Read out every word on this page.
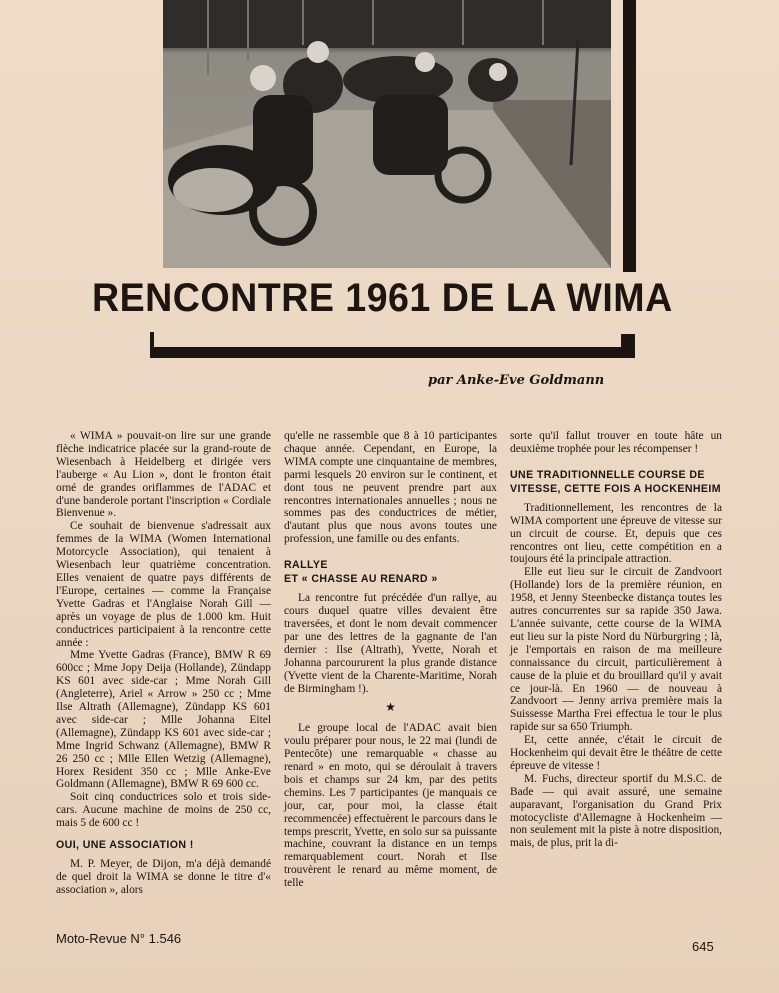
RENCONTRE 1961 DE LA WIMA
par Anke-Eve Goldmann

« WIMA » pouvait-on lire sur une grande flèche indicatrice placée sur la grand-route de Wiesenbach à Heidelberg et dirigée vers l'auberge « Au Lion », dont le fronton était orné de grandes oriflammes de l'ADAC et d'une banderole portant l'inscription « Cordiale Bienvenue ».

Ce souhait de bienvenue s'adressait aux femmes de la WIMA (Women International Motorcycle Association), qui tenaient à Wiesenbach leur quatrième concentration. Elles venaient de quatre pays différents de l'Europe, certaines — comme la Française Yvette Gadras et l'Anglaise Norah Gill — après un voyage de plus de 1.000 km. Huit conductrices participaient à la rencontre cette année :

Mme Yvette Gadras (France), BMW R 69 600cc ; Mme Jopy Deija (Hollande), Zündapp KS 601 avec side-car ; Mme Norah Gill (Angleterre), Ariel « Arrow » 250 cc ; Mme Ilse Altrath (Allemagne), Zündapp KS 601 avec side-car ; Mlle Johanna Eitel (Allemagne), Zündapp KS 601 avec side-car ; Mme Ingrid Schwanz (Allemagne), BMW R 26 250 cc ; Mlle Ellen Wetzig (Allemagne), Horex Resident 350 cc ; Mlle Anke-Eve Goldmann (Allemagne), BMW R 69 600 cc.

Soit cinq conductrices solo et trois side-cars. Aucune machine de moins de 250 cc, mais 5 de 600 cc !

OUI, UNE ASSOCIATION !

M. P. Meyer, de Dijon, m'a déjà demandé de quel droit la WIMA se donne le titre d'« association », alors

qu'elle ne rassemble que 8 à 10 participantes chaque année. Cependant, en Europe, la WIMA compte une cinquantaine de membres, parmi lesquels 20 environ sur le continent, et dont tous ne peuvent prendre part aux rencontres internationales annuelles ; nous ne sommes pas des conductrices de métier, d'autant plus que nous avons toutes une profession, une famille ou des enfants.

RALLYE
ET « CHASSE AU RENARD »

La rencontre fut précédée d'un rallye, au cours duquel quatre villes devaient être traversées, et dont le nom devait commencer par une des lettres de la gagnante de l'an dernier : Ilse (Altrath), Yvette, Norah et Johanna parcoururent la plus grande distance (Yvette vient de la Charente-Maritime, Norah de Birmingham !).

★

Le groupe local de l'ADAC avait bien voulu préparer pour nous, le 22 mai (lundi de Pentecôte) une remarquable « chasse au renard » en moto, qui se déroulait à travers bois et champs sur 24 km, par des petits chemins. Les 7 participantes (je manquais ce jour, car, pour moi, la classe était recommencée) effectuèrent le parcours dans le temps prescrit, Yvette, en solo sur sa puissante machine, couvrant la distance en un temps remarquablement court. Norah et Ilse trouvèrent le renard au même moment, de telle

sorte qu'il fallut trouver en toute hâte un deuxième trophée pour les récompenser !

UNE TRADITIONNELLE COURSE DE VITESSE, CETTE FOIS A HOCKENHEIM

Traditionnellement, les rencontres de la WIMA comportent une épreuve de vitesse sur un circuit de course. Et, depuis que ces rencontres ont lieu, cette compétition en a toujours été la principale attraction.

Elle eut lieu sur le circuit de Zandvoort (Hollande) lors de la première réunion, en 1958, et Jenny Steenbecke distança toutes les autres concurrentes sur sa rapide 350 Jawa. L'année suivante, cette course de la WIMA eut lieu sur la piste Nord du Nürburgring ; là, je l'emportais en raison de ma meilleure connaissance du circuit, particulièrement à cause de la pluie et du brouillard qu'il y avait ce jour-là. En 1960 — de nouveau à Zandvoort — Jenny arriva première mais la Suissesse Martha Frei effectua le tour le plus rapide sur sa 650 Triumph.

Et, cette année, c'était le circuit de Hockenheim qui devait être le théâtre de cette épreuve de vitesse !

M. Fuchs, directeur sportif du M.S.C. de Bade — qui avait assuré, une semaine auparavant, l'organisation du Grand Prix motocycliste d'Allemagne à Hockenheim — non seulement mit la piste à notre disposition, mais, de plus, prit la di-

Moto-Revue N° 1.546
645
